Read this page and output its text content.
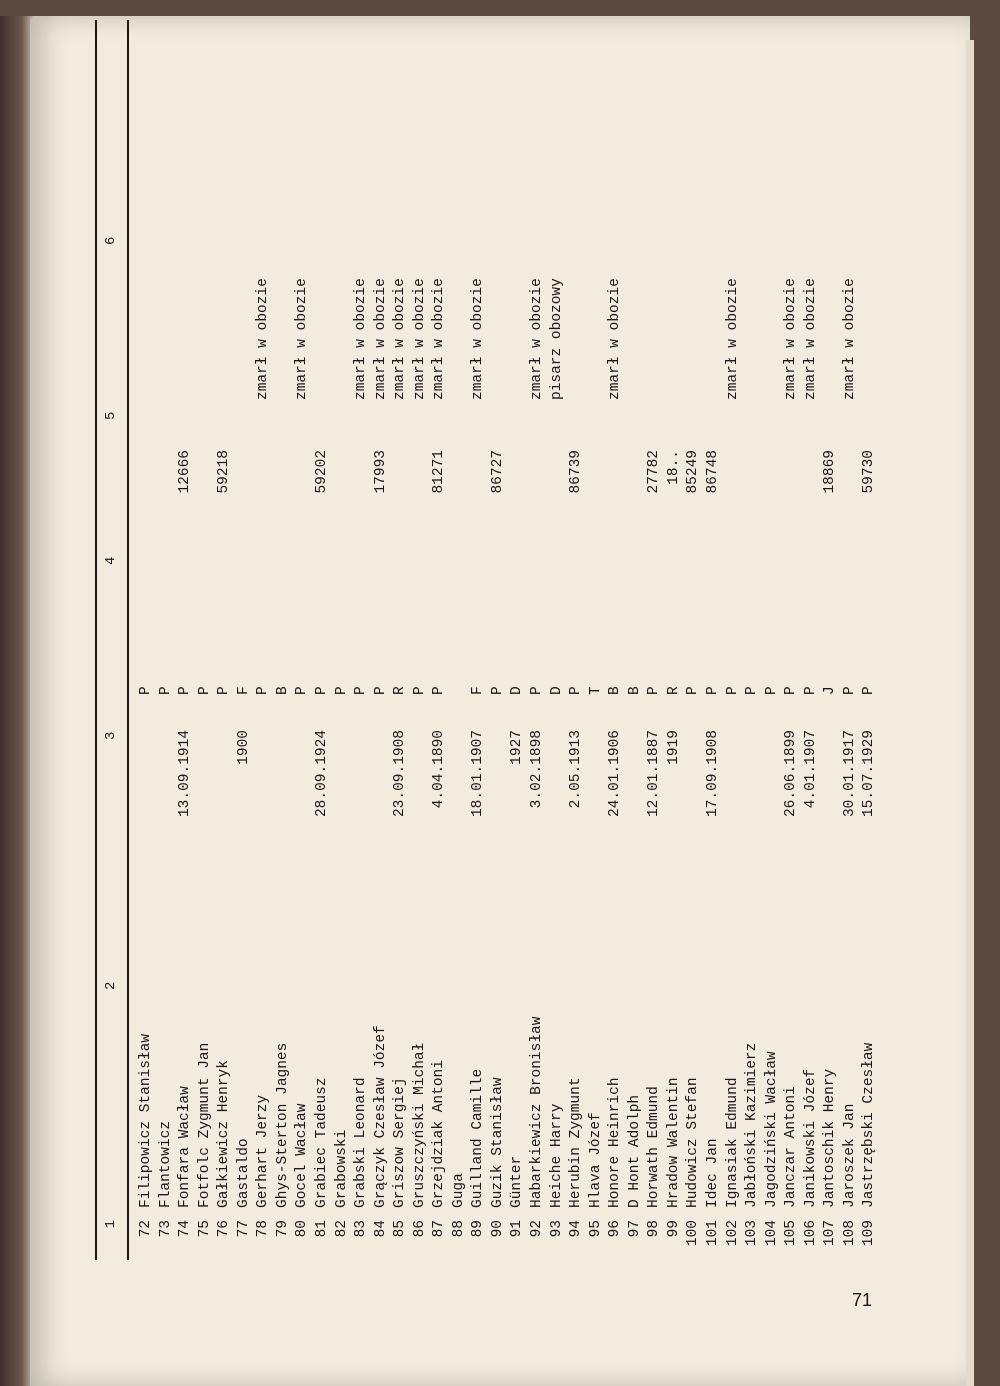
1
2
3
4
5
6
72
Filipowicz Stanisław
P
73
Flantowicz
P
74
Fonfara Wacław
13.09.1914
P
12666
75
Fotfolc Zygmunt Jan
P
76
Gałkiewicz Henryk
P
59218
77
Gastaldo
1900
F
78
Gerhart Jerzy
P
zmarł w obozie
79
Ghys-Sterton Jagnes
B
80
Gocel Wacław
P
zmarł w obozie
81
Grabiec Tadeusz
28.09.1924
P
59202
82
Grabowski
P
83
Grabski Leonard
P
zmarł w obozie
84
Grączyk Czesław Józef
P
17993
zmarł w obozie
85
Griszow Sergiej
23.09.1908
R
zmarł w obozie
86
Gruszczyński Michał
P
zmarł w obozie
87
Grzejdziak Antoni
4.04.1890
P
81271
zmarł w obozie
88
Guga
89
Guilland Camille
18.01.1907
F
zmarł w obozie
90
Guzik Stanisław
P
86727
91
Günter
1927
D
92
Habarkiewicz Bronisław
3.02.1898
P
zmarł w obozie
93
Heiche Harry
D
pisarz obozowy
94
Herubin Zygmunt
2.05.1913
P
86739
95
Hlava Józef
T
96
Honore Heinrich
24.01.1906
B
zmarł w obozie
97
D Hont Adolph
B
98
Horwath Edmund
12.01.1887
P
27782
99
Hradow Walentin
1919
R
18..
100
Hudowicz Stefan
P
85249
101
Idec Jan
17.09.1908
P
86748
102
Ignasiak Edmund
P
zmarł w obozie
103
Jabłoński Kazimierz
P
104
Jagodziński Wacław
P
105
Jancza​r Antoni
26.06.1899
P
zmarł w obozie
106
Janikowski Józef
4.01.1907
P
zmarł w obozie
107
Jantoschik Henry
J
18869
108
Jaroszek Jan
30.01.1917
P
zmarł w obozie
109
Jastrzębski Czesław
15.07.1929
P
59730
71
